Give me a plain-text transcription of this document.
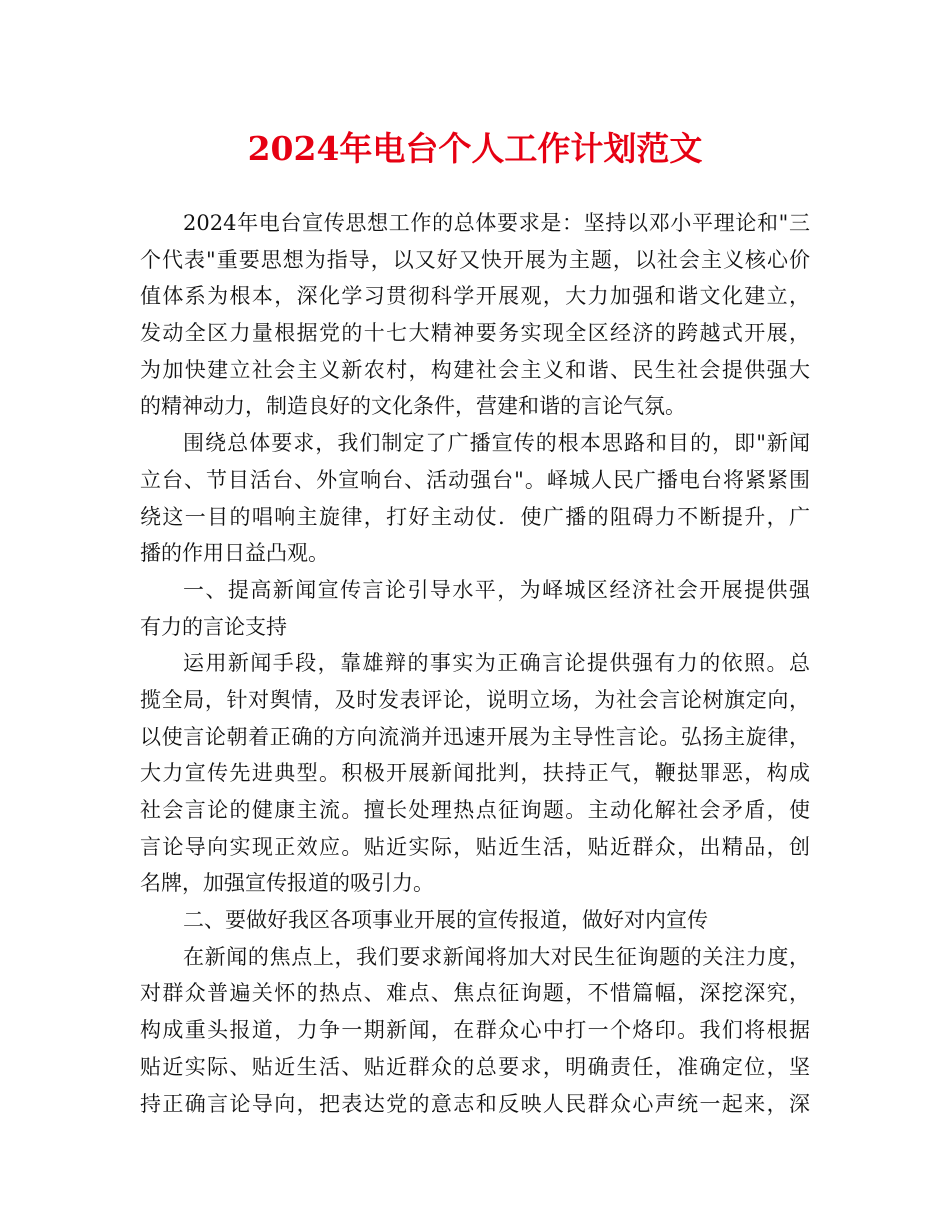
2024年电台个人工作计划范文
2024年电台宣传思想工作的总体要求是：坚持以邓小平理论和"三
个代表"重要思想为指导，以又好又快开展为主题，以社会主义核心价
值体系为根本，深化学习贯彻科学开展观，大力加强和谐文化建立，
发动全区力量根据党的十七大精神要务实现全区经济的跨越式开展，
为加快建立社会主义新农村，构建社会主义和谐、民生社会提供强大
的精神动力，制造良好的文化条件，营建和谐的言论气氛。
围绕总体要求，我们制定了广播宣传的根本思路和目的，即"新闻
立台、节目活台、外宣响台、活动强台"。峄城人民广播电台将紧紧围
绕这一目的唱响主旋律，打好主动仗．使广播的阻碍力不断提升，广
播的作用日益凸观。
一、提高新闻宣传言论引导水平，为峄城区经济社会开展提供强
有力的言论支持
运用新闻手段，靠雄辩的事实为正确言论提供强有力的依照。总
揽全局，针对舆情，及时发表评论，说明立场，为社会言论树旗定向，
以使言论朝着正确的方向流淌并迅速开展为主导性言论。弘扬主旋律，
大力宣传先进典型。积极开展新闻批判，扶持正气，鞭挞罪恶，构成
社会言论的健康主流。擅长处理热点征询题。主动化解社会矛盾，使
言论导向实现正效应。贴近实际，贴近生活，贴近群众，出精品，创
名牌，加强宣传报道的吸引力。
二、要做好我区各项事业开展的宣传报道，做好对内宣传
在新闻的焦点上，我们要求新闻将加大对民生征询题的关注力度，
对群众普遍关怀的热点、难点、焦点征询题，不惜篇幅，深挖深究，
构成重头报道，力争一期新闻，在群众心中打一个烙印。我们将根据
贴近实际、贴近生活、贴近群众的总要求，明确责任，准确定位，坚
持正确言论导向，把表达党的意志和反映人民群众心声统一起来，深
